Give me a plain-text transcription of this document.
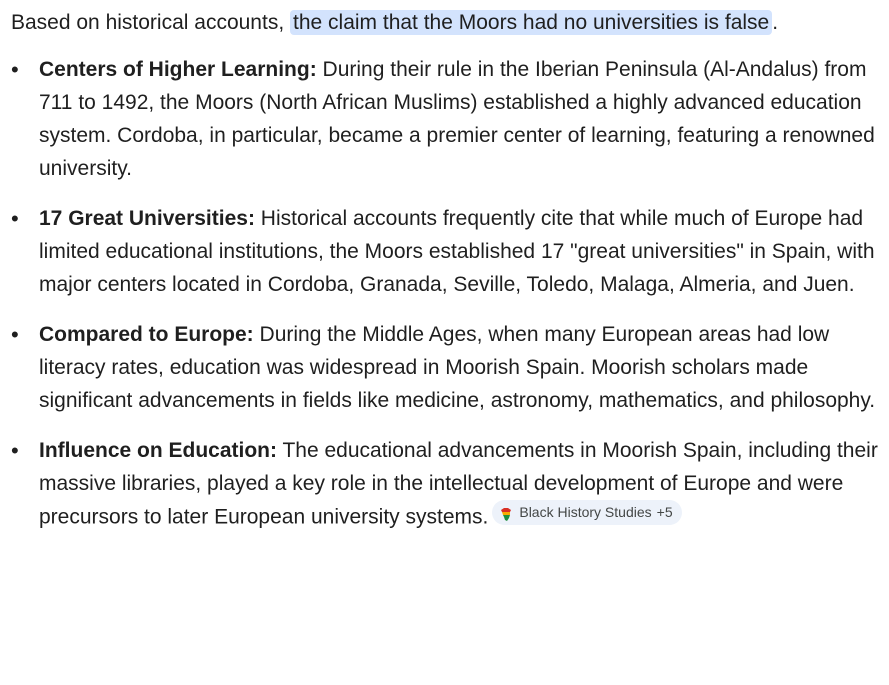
Based on historical accounts, the claim that the Moors had no universities is false .

• Centers of Higher Learning: During their rule in the Iberian Peninsula (Al-Andalus) from 711 to 1492, the Moors (North African Muslims) established a highly advanced education system. Cordoba, in particular, became a premier center of learning, featuring a renowned university.
• 17 Great Universities: Historical accounts frequently cite that while much of Europe had limited educational institutions, the Moors established 17 "great universities" in Spain, with major centers located in Cordoba, Granada, Seville, Toledo, Malaga, Almeria, and Juen.
• Compared to Europe: During the Middle Ages, when many European areas had low literacy rates, education was widespread in Moorish Spain. Moorish scholars made significant advancements in fields like medicine, astronomy, mathematics, and philosophy.
• Influence on Education: The educational advancements in Moorish Spain, including their massive libraries, played a key role in the intellectual development of Europe and were precursors to later European university systems. Black History Studies +5
